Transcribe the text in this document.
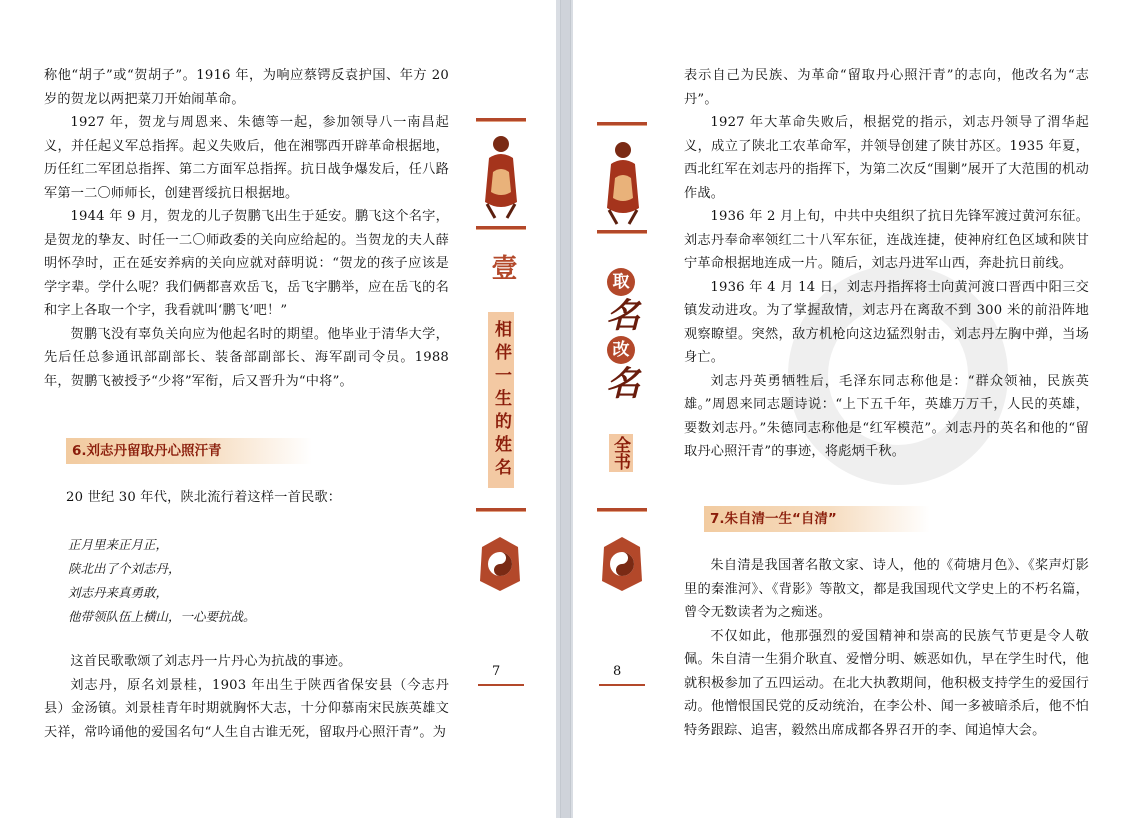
称他“胡子”或“贺胡子”。1916 年，为响应蔡锷反袁护国、年方 20 岁的贺龙以两把菜刀开始闹革命。

1927 年，贺龙与周恩来、朱德等一起，参加领导八一南昌起义，并任起义军总指挥。起义失败后，他在湘鄂西开辟革命根据地，历任红二军团总指挥、第二方面军总指挥。抗日战争爆发后，任八路军第一二〇师师长，创建晋绥抗日根据地。

1944 年 9 月，贺龙的儿子贺鹏飞出生于延安。鹏飞这个名字，是贺龙的挚友、时任一二〇师政委的关向应给起的。当贺龙的夫人薛明怀孕时，正在延安养病的关向应就对薛明说：“贺龙的孩子应该是学字辈。学什么呢？我们俩都喜欢岳飞，岳飞字鹏举，应在岳飞的名和字上各取一个字，我看就叫‘鹏飞’吧！”

贺鹏飞没有辜负关向应为他起名时的期望。他毕业于清华大学，先后任总参通讯部副部长、装备部副部长、海军副司令员。1988 年，贺鹏飞被授予“少将”军衔，后又晋升为“中将”。

6.刘志丹留取丹心照汗青
20 世纪 30 年代，陕北流行着这样一首民歌：

正月里来正月正，

陕北出了个刘志丹，

刘志丹来真勇敢，

他带领队伍上横山，一心要抗战。

这首民歌歌颂了刘志丹一片丹心为抗战的事迹。

刘志丹，原名刘景桂，1903 年出生于陕西省保安县（今志丹县）金汤镇。刘景桂青年时期就胸怀大志，十分仰慕南宋民族英雄文天祥，常吟诵他的爱国名句“人生自古谁无死，留取丹心照汗青”。为

壹
相伴一生的姓名
7
取
名
改
名
全书
8

表示自己为民族、为革命“留取丹心照汗青”的志向，他改名为“志丹”。

1927 年大革命失败后，根据党的指示，刘志丹领导了渭华起义，成立了陕北工农革命军，并领导创建了陕甘苏区。1935 年夏，西北红军在刘志丹的指挥下，为第二次反“围剿”展开了大范围的机动作战。

1936 年 2 月上旬，中共中央组织了抗日先锋军渡过黄河东征。刘志丹奉命率领红二十八军东征，连战连捷，使神府红色区域和陕甘宁革命根据地连成一片。随后，刘志丹进军山西，奔赴抗日前线。

1936 年 4 月 14 日，刘志丹指挥将士向黄河渡口晋西中阳三交镇发动进攻。为了掌握敌情，刘志丹在离敌不到 300 米的前沿阵地观察瞭望。突然，敌方机枪向这边猛烈射击，刘志丹左胸中弹，当场身亡。

刘志丹英勇牺牲后，毛泽东同志称他是：“群众领袖，民族英雄。”周恩来同志题诗说：“上下五千年，英雄万万千，人民的英雄，要数刘志丹。”朱德同志称他是“红军模范”。刘志丹的英名和他的“留取丹心照汗青”的事迹，将彪炳千秋。

7.朱自清一生“自清”

朱自清是我国著名散文家、诗人，他的《荷塘月色》、《桨声灯影里的秦淮河》、《背影》等散文，都是我国现代文学史上的不朽名篇，曾令无数读者为之痴迷。

不仅如此，他那强烈的爱国精神和崇高的民族气节更是令人敬佩。朱自清一生狷介耿直、爱憎分明、嫉恶如仇，早在学生时代，他就积极参加了五四运动。在北大执教期间，他积极支持学生的爱国行动。他憎恨国民党的反动统治，在李公朴、闻一多被暗杀后，他不怕特务跟踪、追害，毅然出席成都各界召开的李、闻追悼大会。
